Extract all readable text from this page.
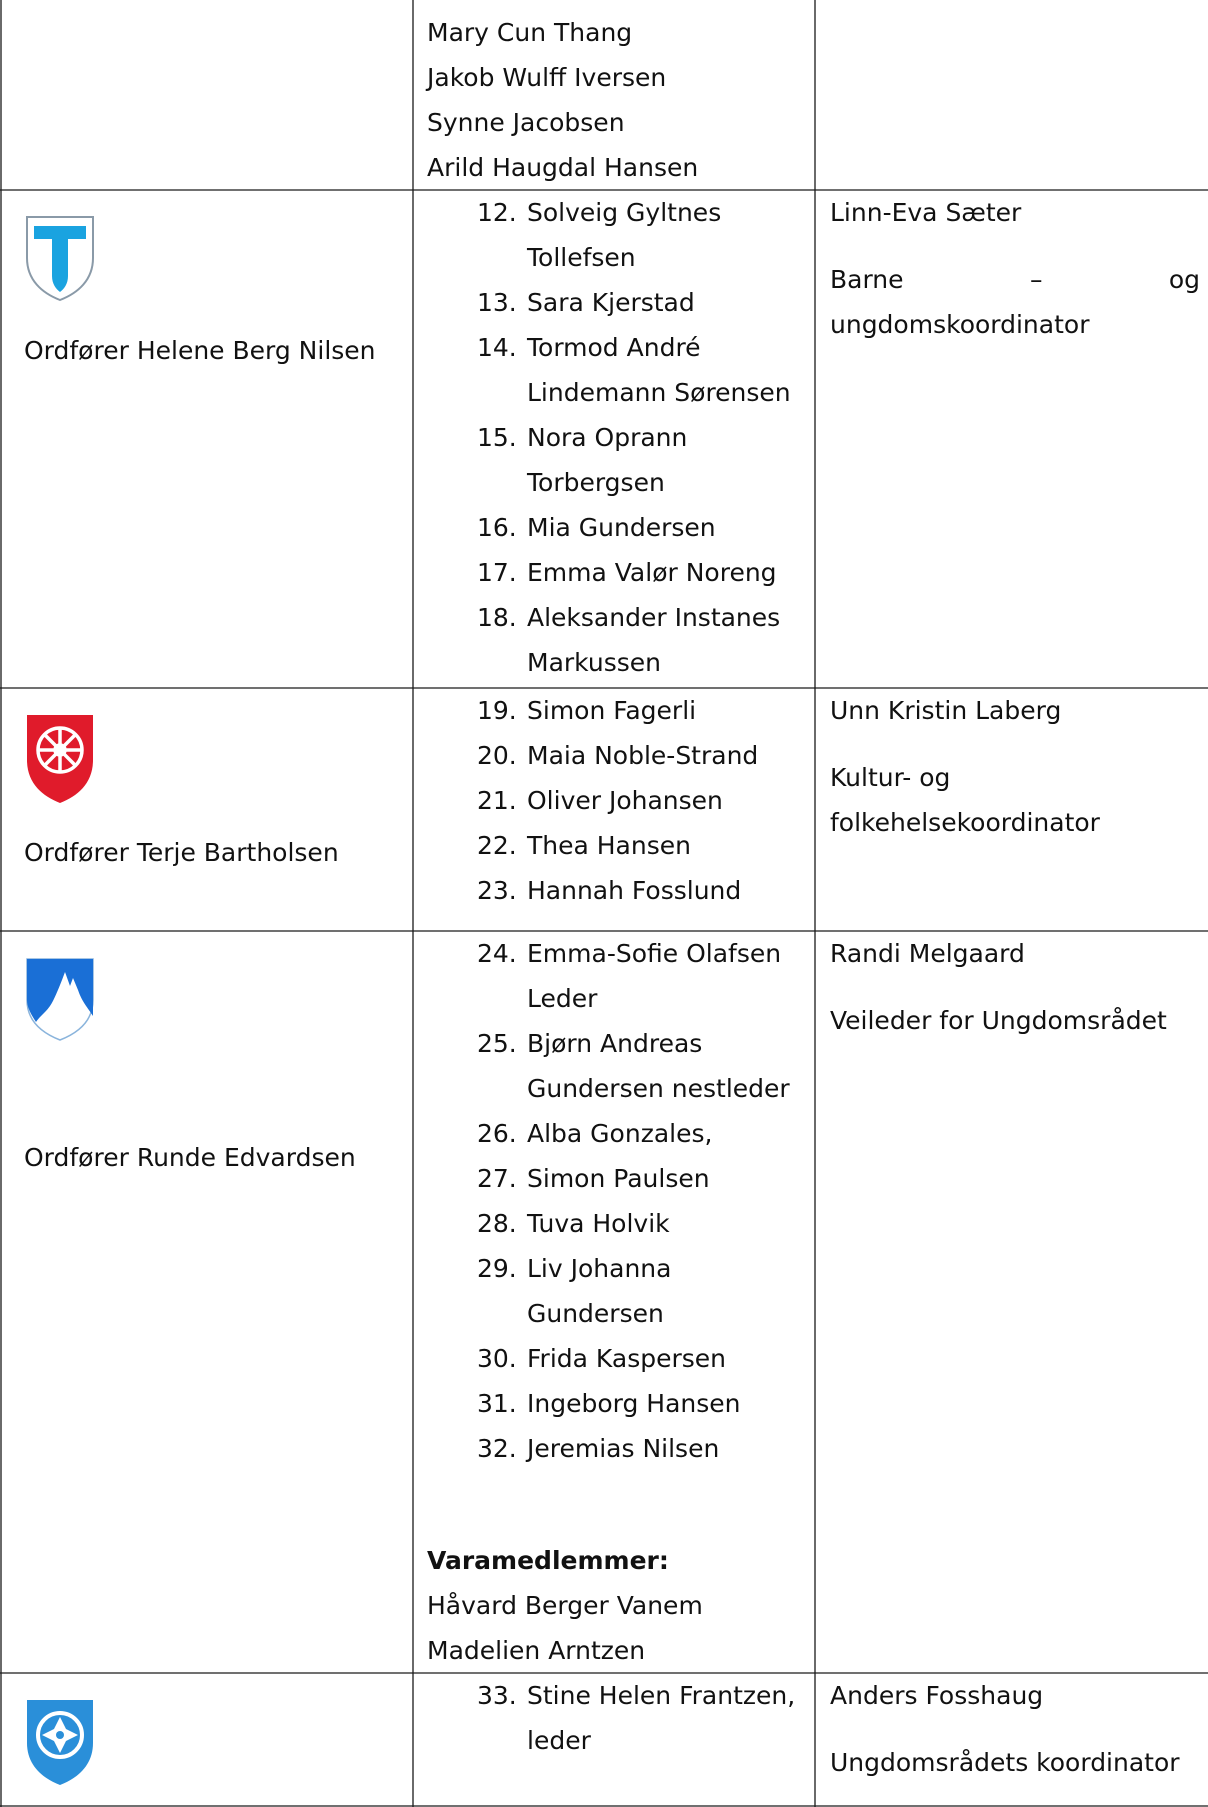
Mary Cun Thang
Jakob Wulff Iversen
Synne Jacobsen
Arild Haugdal Hansen
Ordfører Helene Berg Nilsen
12. Solveig Gyltnes
Tollefsen
13. Sara Kjerstad
14. Tormod André
Lindemann Sørensen
15. Nora Oprann
Torbergsen
16. Mia Gundersen
17. Emma Valør Noreng
18. Aleksander Instanes
Markussen
Linn-Eva Sæter
Barne	–	og
ungdomskoordinator
Ordfører Terje Bartholsen
19. Simon Fagerli
20. Maia Noble-Strand
21. Oliver Johansen
22. Thea Hansen
23. Hannah Fosslund
Unn Kristin Laberg
Kultur- og
folkehelsekoordinator
Ordfører Runde Edvardsen
24. Emma-Sofie Olafsen
Leder
25. Bjørn Andreas
Gundersen nestleder
26. Alba Gonzales,
27. Simon Paulsen
28. Tuva Holvik
29. Liv Johanna
Gundersen
30. Frida Kaspersen
31. Ingeborg Hansen
32. Jeremias Nilsen
Varamedlemmer:
Håvard Berger Vanem
Madelien Arntzen
Randi Melgaard
Veileder for Ungdomsrådet
33. Stine Helen Frantzen,
leder
Anders Fosshaug
Ungdomsrådets koordinator
